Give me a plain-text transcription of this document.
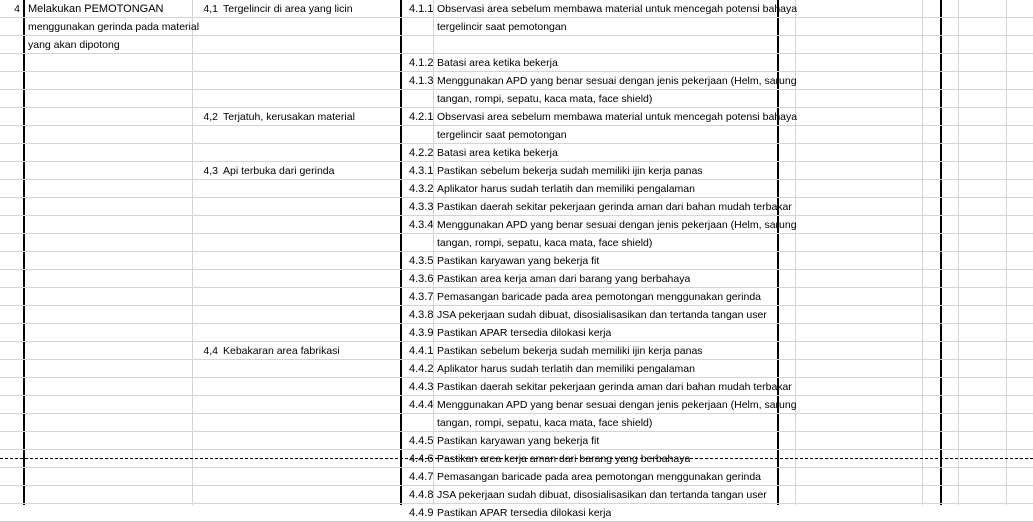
4 Melakukan PEMOTONGAN
menggunakan gerinda pada material
yang akan dipotong
4,1 Tergelincir di area yang licin
4,2 Terjatuh, kerusakan material
4,3 Api terbuka dari gerinda
4,4 Kebakaran area fabrikasi
4.1.1 Observasi area sebelum membawa material untuk mencegah potensi bahaya
tergelincir saat pemotongan
4.1.2 Batasi area ketika bekerja
4.1.3 Menggunakan APD yang benar sesuai dengan jenis pekerjaan (Helm, sarung
tangan, rompi, sepatu, kaca mata, face shield)
4.2.1 Observasi area sebelum membawa material untuk mencegah potensi bahaya
tergelincir saat pemotongan
4.2.2 Batasi area ketika bekerja
4.3.1 Pastikan sebelum bekerja sudah memiliki ijin kerja panas
4.3.2 Aplikator harus sudah terlatih dan memiliki pengalaman
4.3.3 Pastikan daerah sekitar pekerjaan gerinda aman dari bahan mudah terbakar
4.3.4 Menggunakan APD yang benar sesuai dengan jenis pekerjaan (Helm, sarung
tangan, rompi, sepatu, kaca mata, face shield)
4.3.5 Pastikan karyawan yang bekerja fit
4.3.6 Pastikan area kerja aman dari barang yang berbahaya
4.3.7 Pemasangan baricade pada area pemotongan menggunakan gerinda
4.3.8 JSA pekerjaan sudah dibuat, disosialisasikan dan tertanda tangan user
4.3.9 Pastikan APAR tersedia dilokasi kerja
4.4.1 Pastikan sebelum bekerja sudah memiliki ijin kerja panas
4.4.2 Aplikator harus sudah terlatih dan memiliki pengalaman
4.4.3 Pastikan daerah sekitar pekerjaan gerinda aman dari bahan mudah terbakar
4.4.4 Menggunakan APD yang benar sesuai dengan jenis pekerjaan (Helm, sarung
tangan, rompi, sepatu, kaca mata, face shield)
4.4.5 Pastikan karyawan yang bekerja fit
4.4.6 Pastikan area kerja aman dari barang yang berbahaya
4.4.7 Pemasangan baricade pada area pemotongan menggunakan gerinda
4.4.8 JSA pekerjaan sudah dibuat, disosialisasikan dan tertanda tangan user
4.4.9 Pastikan APAR tersedia dilokasi kerja
